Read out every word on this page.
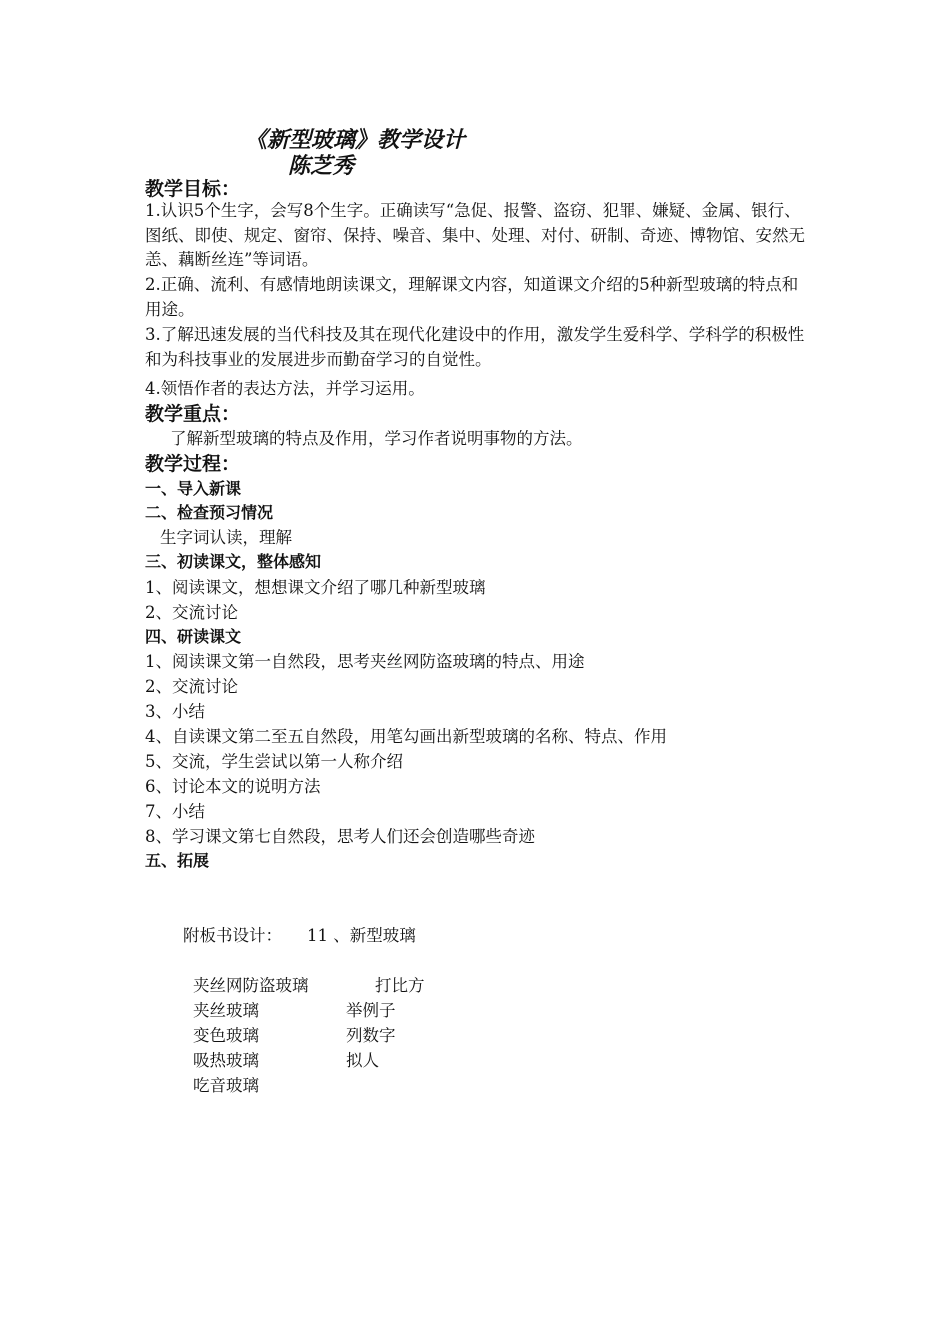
《新型玻璃》教学设计
陈芝秀
教学目标：
1.认识5个生字，会写8个生字。正确读写“急促、报警、盗窃、犯罪、嫌疑、金属、银行、图纸、即使、规定、窗帘、保持、噪音、集中、处理、对付、研制、奇迹、博物馆、安然无恙、藕断丝连”等词语。
2.正确、流利、有感情地朗读课文，理解课文内容，知道课文介绍的5种新型玻璃的特点和用途。
3.了解迅速发展的当代科技及其在现代化建设中的作用，激发学生爱科学、学科学的积极性和为科技事业的发展进步而勤奋学习的自觉性。
4.领悟作者的表达方法，并学习运用。
教学重点：
了解新型玻璃的特点及作用，学习作者说明事物的方法。
教学过程：
一、导入新课
二、检查预习情况
生字词认读，理解
三、初读课文，整体感知
1、阅读课文，想想课文介绍了哪几种新型玻璃
2、交流讨论
四、研读课文
1、阅读课文第一自然段，思考夹丝网防盗玻璃的特点、用途
2、交流讨论
3、小结
4、自读课文第二至五自然段，用笔勾画出新型玻璃的名称、特点、作用
5、交流，学生尝试以第一人称介绍
6、讨论本文的说明方法
7、小结
8、学习课文第七自然段，思考人们还会创造哪些奇迹
五、拓展
附板书设计： 11 、新型玻璃
夹丝网防盗玻璃
夹丝玻璃
变色玻璃
吸热玻璃
吃音玻璃
打比方
举例子
列数字
拟人
